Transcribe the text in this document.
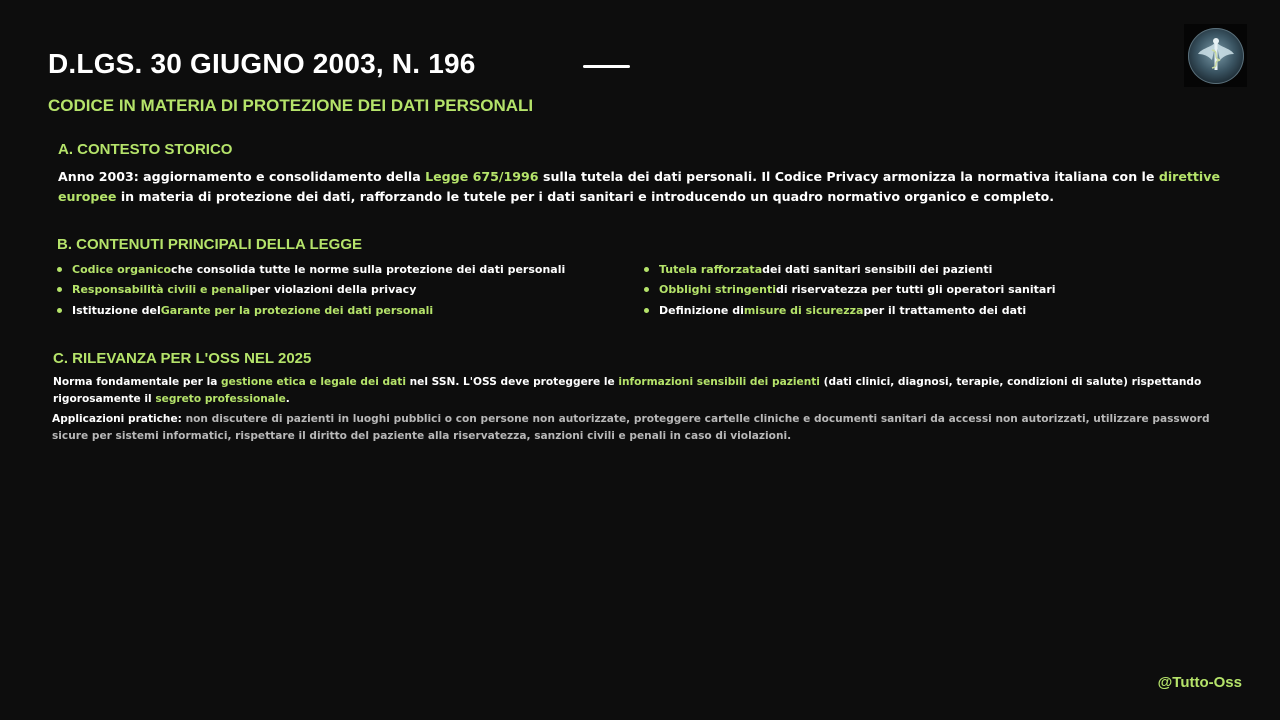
D.LGS. 30 GIUGNO 2003, N. 196
CODICE IN MATERIA DI PROTEZIONE DEI DATI PERSONALI
A. CONTESTO STORICO
Anno 2003: aggiornamento e consolidamento della Legge 675/1996 sulla tutela dei dati personali. Il Codice Privacy armonizza la normativa italiana con le direttive europee in materia di protezione dei dati, rafforzando le tutele per i dati sanitari e introducendo un quadro normativo organico e completo.
B. CONTENUTI PRINCIPALI DELLA LEGGE
Codice organico che consolida tutte le norme sulla protezione dei dati personali
Responsabilità civili e penali per violazioni della privacy
Istituzione del Garante per la protezione dei dati personali
Tutela rafforzata dei dati sanitari sensibili dei pazienti
Obblighi stringenti di riservatezza per tutti gli operatori sanitari
Definizione di misure di sicurezza per il trattamento dei dati
C. RILEVANZA PER L'OSS NEL 2025
Norma fondamentale per la gestione etica e legale dei dati nel SSN. L'OSS deve proteggere le informazioni sensibili dei pazienti (dati clinici, diagnosi, terapie, condizioni di salute) rispettando rigorosamente il segreto professionale.
Applicazioni pratiche: non discutere di pazienti in luoghi pubblici o con persone non autorizzate, proteggere cartelle cliniche e documenti sanitari da accessi non autorizzati, utilizzare password sicure per sistemi informatici, rispettare il diritto del paziente alla riservatezza, sanzioni civili e penali in caso di violazioni.
@Tutto-Oss
